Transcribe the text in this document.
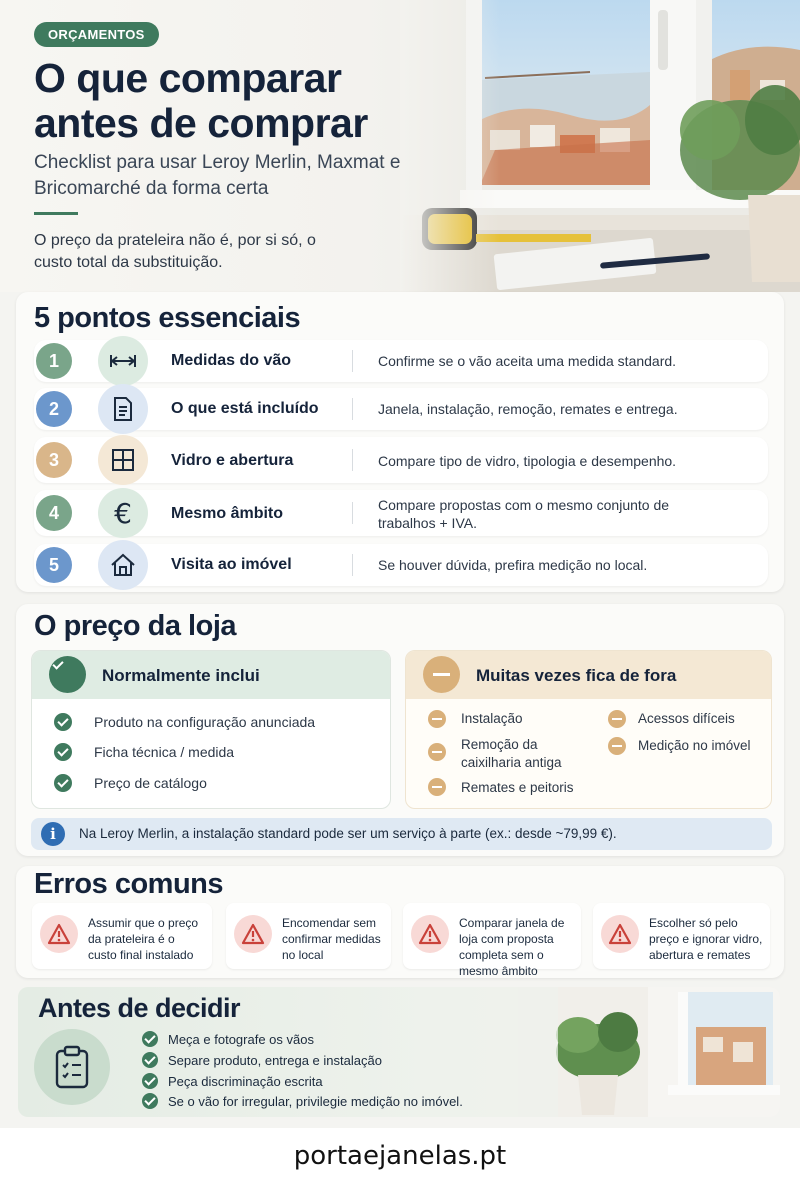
ORÇAMENTOS
O que comparar antes de comprar
Checklist para usar Leroy Merlin, Maxmat e Bricomarché da forma certa
O preço da prateleira não é, por si só, o custo total da substituição.
5 pontos essenciais
1	Medidas do vão	Confirme se o vão aceita uma medida standard.
2	O que está incluído	Janela, instalação, remoção, remates e entrega.
3	Vidro e abertura	Compare tipo de vidro, tipologia e desempenho.
4	€ Mesmo âmbito	Compare propostas com o mesmo conjunto de trabalhos + IVA.
5	Visita ao imóvel	Se houver dúvida, prefira medição no local.
O preço da loja
Normalmente inclui
Produto na configuração anunciada
Ficha técnica / medida
Preço de catálogo
Muitas vezes fica de fora
Instalação
Remoção da caixilharia antiga
Remates e peitoris
Acessos difíceis
Medição no imóvel
i	Na Leroy Merlin, a instalação standard pode ser um serviço à parte (ex.: desde ~79,99 €).
Erros comuns
Assumir que o preço da prateleira é o custo final instalado
Encomendar sem confirmar medidas no local
Comparar janela de loja com proposta completa sem o mesmo âmbito
Escolher só pelo preço e ignorar vidro, abertura e remates
Antes de decidir
Meça e fotografe os vãos
Separe produto, entrega e instalação
Peça discriminação escrita
Se o vão for irregular, privilegie medição no imóvel.
portaejanelas.pt
